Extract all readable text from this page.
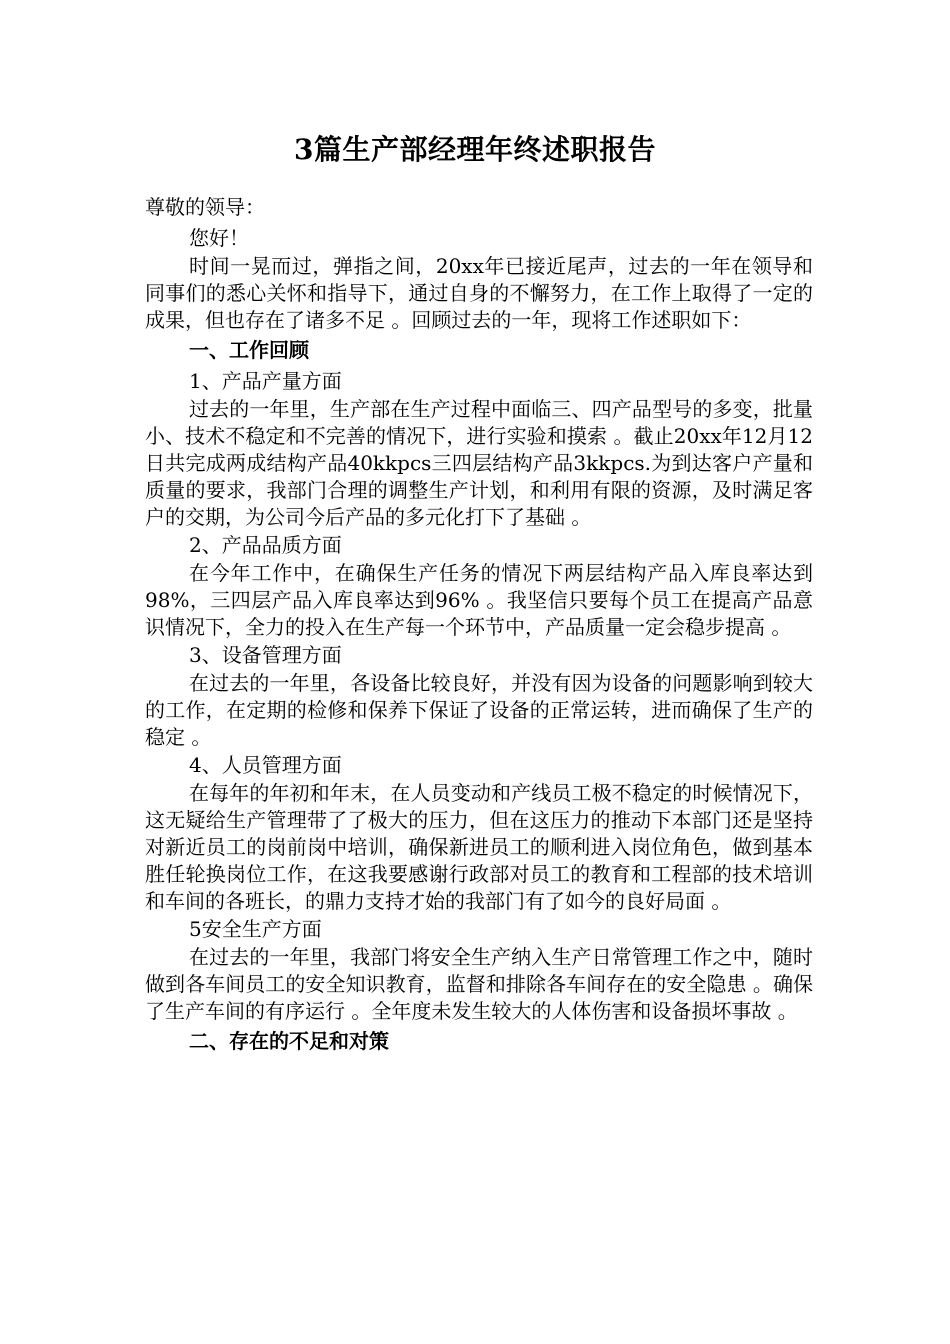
3篇生产部经理年终述职报告

尊敬的领导：

您好！

时间一晃而过，弹指之间，20xx年已接近尾声，过去的一年在领导和同事们的悉心关怀和指导下，通过自身的不懈努力，在工作上取得了一定的成果，但也存在了诸多不足 。回顾过去的一年，现将工作述职如下：

一、工作回顾

1、产品产量方面

过去的一年里，生产部在生产过程中面临三、四产品型号的多变，批量小、技术不稳定和不完善的情况下，进行实验和摸索 。截止20xx年12月12日共完成两成结构产品40kkpcs三四层结构产品3kkpcs.为到达客户产量和质量的要求，我部门合理的调整生产计划，和利用有限的资源，及时满足客户的交期，为公司今后产品的多元化打下了基础 。

2、产品品质方面

在今年工作中，在确保生产任务的情况下两层结构产品入库良率达到98%，三四层产品入库良率达到96% 。我坚信只要每个员工在提高产品意识情况下，全力的投入在生产每一个环节中，产品质量一定会稳步提高 。

3、设备管理方面

在过去的一年里，各设备比较良好，并没有因为设备的问题影响到较大的工作，在定期的检修和保养下保证了设备的正常运转，进而确保了生产的稳定 。

4、人员管理方面

在每年的年初和年末，在人员变动和产线员工极不稳定的时候情况下，这无疑给生产管理带了了极大的压力，但在这压力的推动下本部门还是坚持对新近员工的岗前岗中培训，确保新进员工的顺利进入岗位角色，做到基本胜任轮换岗位工作，在这我要感谢行政部对员工的教育和工程部的技术培训和车间的各班长，的鼎力支持才始的我部门有了如今的良好局面 。

5安全生产方面

在过去的一年里，我部门将安全生产纳入生产日常管理工作之中，随时做到各车间员工的安全知识教育，监督和排除各车间存在的安全隐患 。确保了生产车间的有序运行 。全年度未发生较大的人体伤害和设备损坏事故 。

二、存在的不足和对策
